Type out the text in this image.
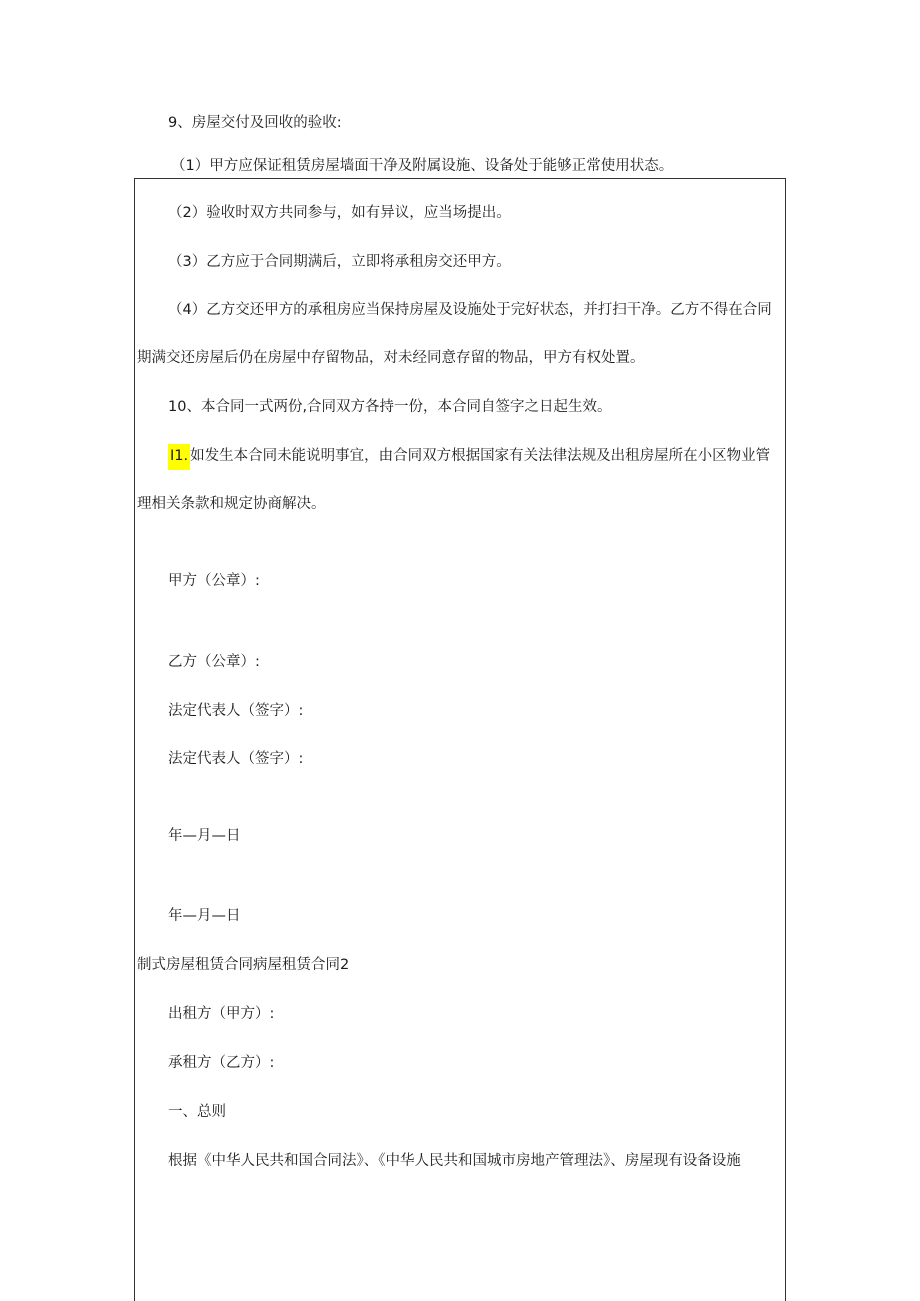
9、房屋交付及回收的验收:

（1）甲方应保证租赁房屋墙面干净及附属设施、设备处于能够正常使用状态。

（2）验收时双方共同参与，如有异议，应当场提出。

（3）乙方应于合同期满后，立即将承租房交还甲方。

（4）乙方交还甲方的承租房应当保持房屋及设施处于完好状态，并打扫干净。乙方不得在合同

期满交还房屋后仍在房屋中存留物品，对未经同意存留的物品，甲方有权处置。

10、本合同一式两份,合同双方各持一份，本合同自签字之日起生效。

I1. 如发生本合同未能说明事宜，由合同双方根据国家有关法律法规及出租房屋所在小区物业管

理相关条款和规定协商解决。

甲方（公章）:

乙方（公章）:

法定代表人（签字）:

法定代表人（签字）:

年—月—日

年—月—日

制式房屋租赁合同病屋租赁合同2

出租方（甲方）:

承租方（乙方）:

一、总则

根据《中华人民共和国合同法》、《中华人民共和国城市房地产管理法》、房屋现有设备设施
